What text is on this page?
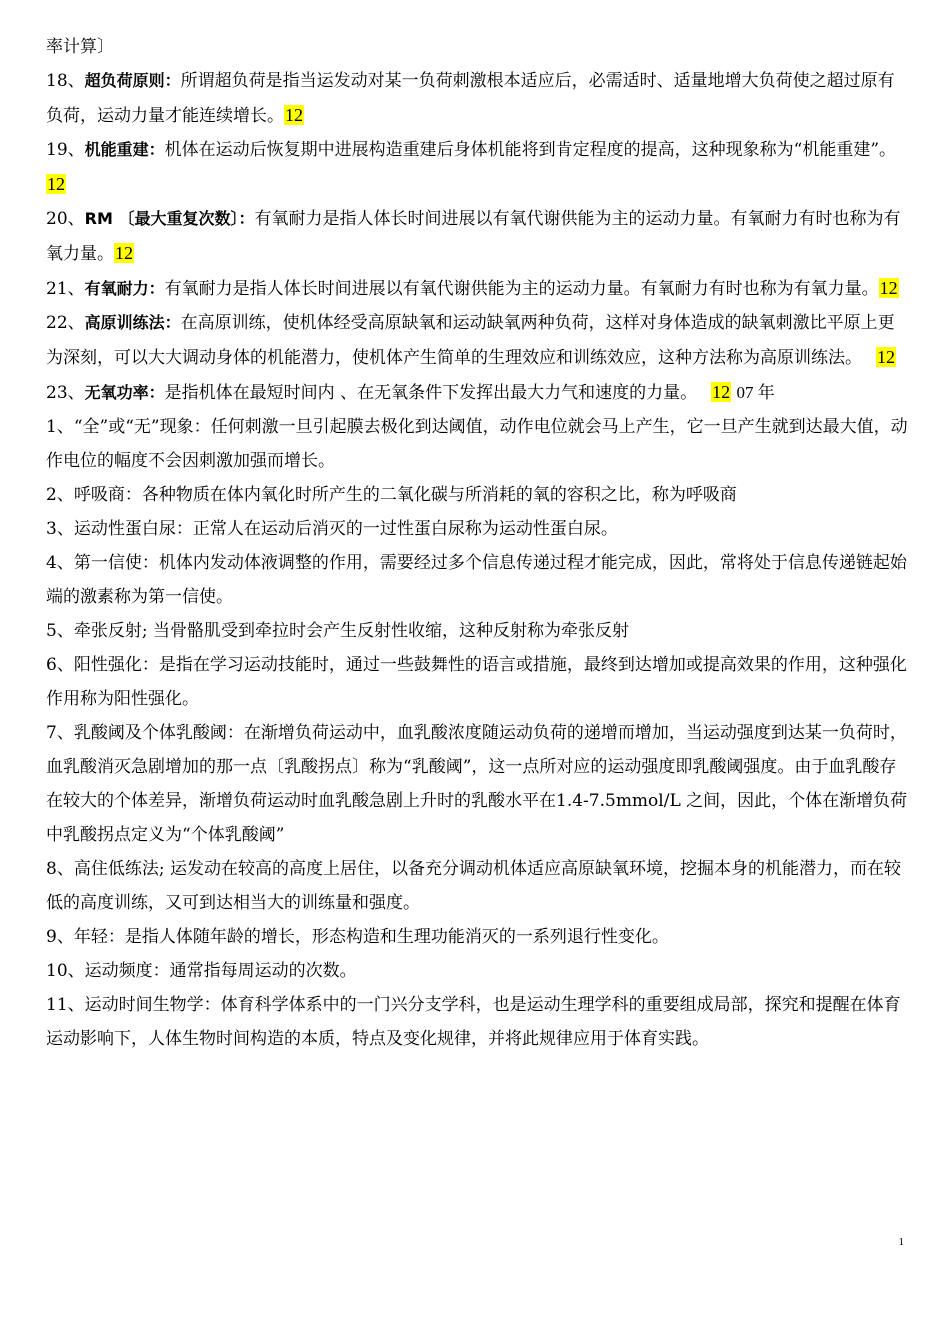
率计算〕

18、超负荷原则：所谓超负荷是指当运发动对某一负荷刺激根本适应后，必需适时、适量地增大负荷使之超过原有负荷，运动力量才能连续增长。12

19、机能重建：机体在运动后恢复期中进展构造重建后身体机能将到肯定程度的提高，这种现象称为“机能重建”。12

20、RM 〔最大重复次数〕：有氧耐力是指人体长时间进展以有氧代谢供能为主的运动力量。有氧耐力有时也称为有氧力量。12

21、有氧耐力：有氧耐力是指人体长时间进展以有氧代谢供能为主的运动力量。有氧耐力有时也称为有氧力量。12

22、高原训练法：在高原训练，使机体经受高原缺氧和运动缺氧两种负荷，这样对身体造成的缺氧刺激比平原上更为深刻，可以大大调动身体的机能潜力，使机体产生简单的生理效应和训练效应，这种方法称为高原训练法。 12

23、无氧功率：是指机体在最短时间内 、在无氧条件下发挥出最大力气和速度的力量。 12 07 年

1、“全”或“无”现象：任何刺激一旦引起膜去极化到达阈值，动作电位就会马上产生，它一旦产生就到达最大值，动作电位的幅度不会因刺激加强而增长。

2、呼吸商：各种物质在体内氧化时所产生的二氧化碳与所消耗的氧的容积之比，称为呼吸商

3、运动性蛋白尿：正常人在运动后消灭的一过性蛋白尿称为运动性蛋白尿。

4、第一信使：机体内发动体液调整的作用，需要经过多个信息传递过程才能完成，因此，常将处于信息传递链起始端的激素称为第一信使。

5、牵张反射; 当骨骼肌受到牵拉时会产生反射性收缩，这种反射称为牵张反射

6、阳性强化：是指在学习运动技能时，通过一些鼓舞性的语言或措施，最终到达增加或提高效果的作用，这种强化作用称为阳性强化。

7、乳酸阈及个体乳酸阈：在渐增负荷运动中，血乳酸浓度随运动负荷的递增而增加，当运动强度到达某一负荷时，血乳酸消灭急剧增加的那一点〔乳酸拐点〕称为“乳酸阈”，这一点所对应的运动强度即乳酸阈强度。由于血乳酸存在较大的个体差异，渐增负荷运动时血乳酸急剧上升时的乳酸水平在1.4-7.5mmol/L 之间，因此，个体在渐增负荷中乳酸拐点定义为“个体乳酸阈”

8、高住低练法; 运发动在较高的高度上居住，以备充分调动机体适应高原缺氧环境，挖掘本身的机能潜力，而在较低的高度训练，又可到达相当大的训练量和强度。

9、年轻：是指人体随年龄的增长，形态构造和生理功能消灭的一系列退行性变化。

10、运动频度：通常指每周运动的次数。

11、运动时间生物学：体育科学体系中的一门兴分支学科，也是运动生理学科的重要组成局部，探究和提醒在体育运动影响下，人体生物时间构造的本质，特点及变化规律，并将此规律应用于体育实践。

1
